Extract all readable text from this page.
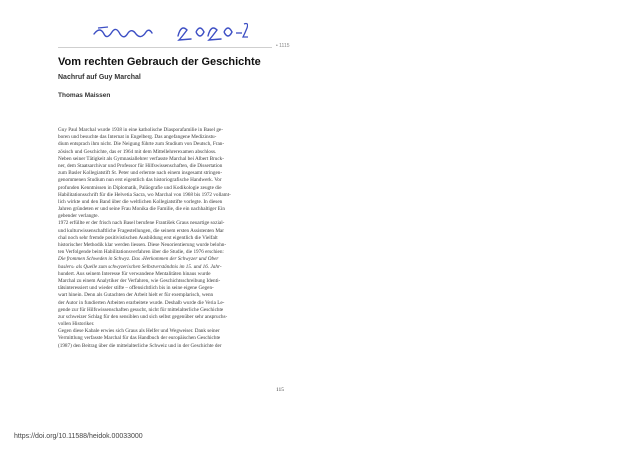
• 1115
Vom rechten Gebrauch der Geschichte
Nachruf auf Guy Marchal
Thomas Maissen
Guy Paul Marchal wurde 1938 in eine katholische Diasporafamilie in Basel ge-
boren und besuchte das Internat in Engelberg. Das angefangene Medizinstu-
dium entsprach ihm nicht. Die Neigung führte zum Studium von Deutsch, Fran-
zösisch und Geschichte, das er 1964 mit dem Mittellehrerexamen abschloss.
Neben seiner Tätigkeit als Gymnasiallehrer verfasste Marchal bei Albert Bruck-
ner, dem Staatsarchivar und Professor für Hilfswissenschaften, die Dissertation
zum Basler Kollegiatstift St. Peter und erlernte nach einem insgesamt stringen-
genommenen Studium nun erst eigentlich das historiografische Handwerk. Vor
profunden Kenntnissen in Diplomatik, Paläografie und Kodikologie zeugte die
Habilitationsschrift für die Helvetia Sacra, wo Marchal von 1968 bis 1972 vollamt-
lich wirkte und den Band über die weltlichen Kollegiatstifte vorlegte. In diesen
Jahren gründeten er und seine Frau Monika die Familie, die ein nachhaltiger Ein
gebender verlangte.
1972 erfüllte er der frisch nach Basel berufene František Graus neuartige sozial-
und kulturwissenschaftliche Fragestellungen, die seinem ersten Assistenten Mar
chal noch sehr fremde positivistischen Ausbildung erst eigentlich die Vielfalt
historischer Methodik klar werden liessen. Diese Neuorientierung wurde belohn-
ten Verfolgende beim Habilitationsverfahren über die Studie, die 1976 erschien:
Die frommen Schweden in Schwyz. Das ›Herkommen der Schwyzer und Ober
haslers‹ als Quelle zum schwyzerischen Selbstverständnis im 15. und 16. Jahr-
hundert. Aus seinem Interesse für verwandene Mentalitäten hinaus wurde
Marchal zu einem Analytiker der Verfahren, wie Geschichtsschreibung Identi-
tätsinteressiert und wieder stifte – offensichtlich bis in seine eigene Gegen-
wart hinein. Denn als Gutachten der Arbeit hielt er für exemplarisch, wenn
der Autor in fundierten Arbeiten erarbeitete wurde. Deshalb wurde die Veria Le-
gende zur für Hilfswissenschaften gesucht, nicht für mittelalterliche Geschichte
zur schweizer Schlag für den sensiblen und sich selbst gegenüber sehr anspruchs-
vollen Historiker.
Gegen diese Kabale erwies sich Graus als Helfer und Wegweiser. Dank seiner
Vermittlung verfasste Marchal für das Handbuch der europäischen Geschichte
(1987) den Beitrag über die mittelalterliche Schweiz und in der Geschichte der
115
https://doi.org/10.11588/heidok.00033000
